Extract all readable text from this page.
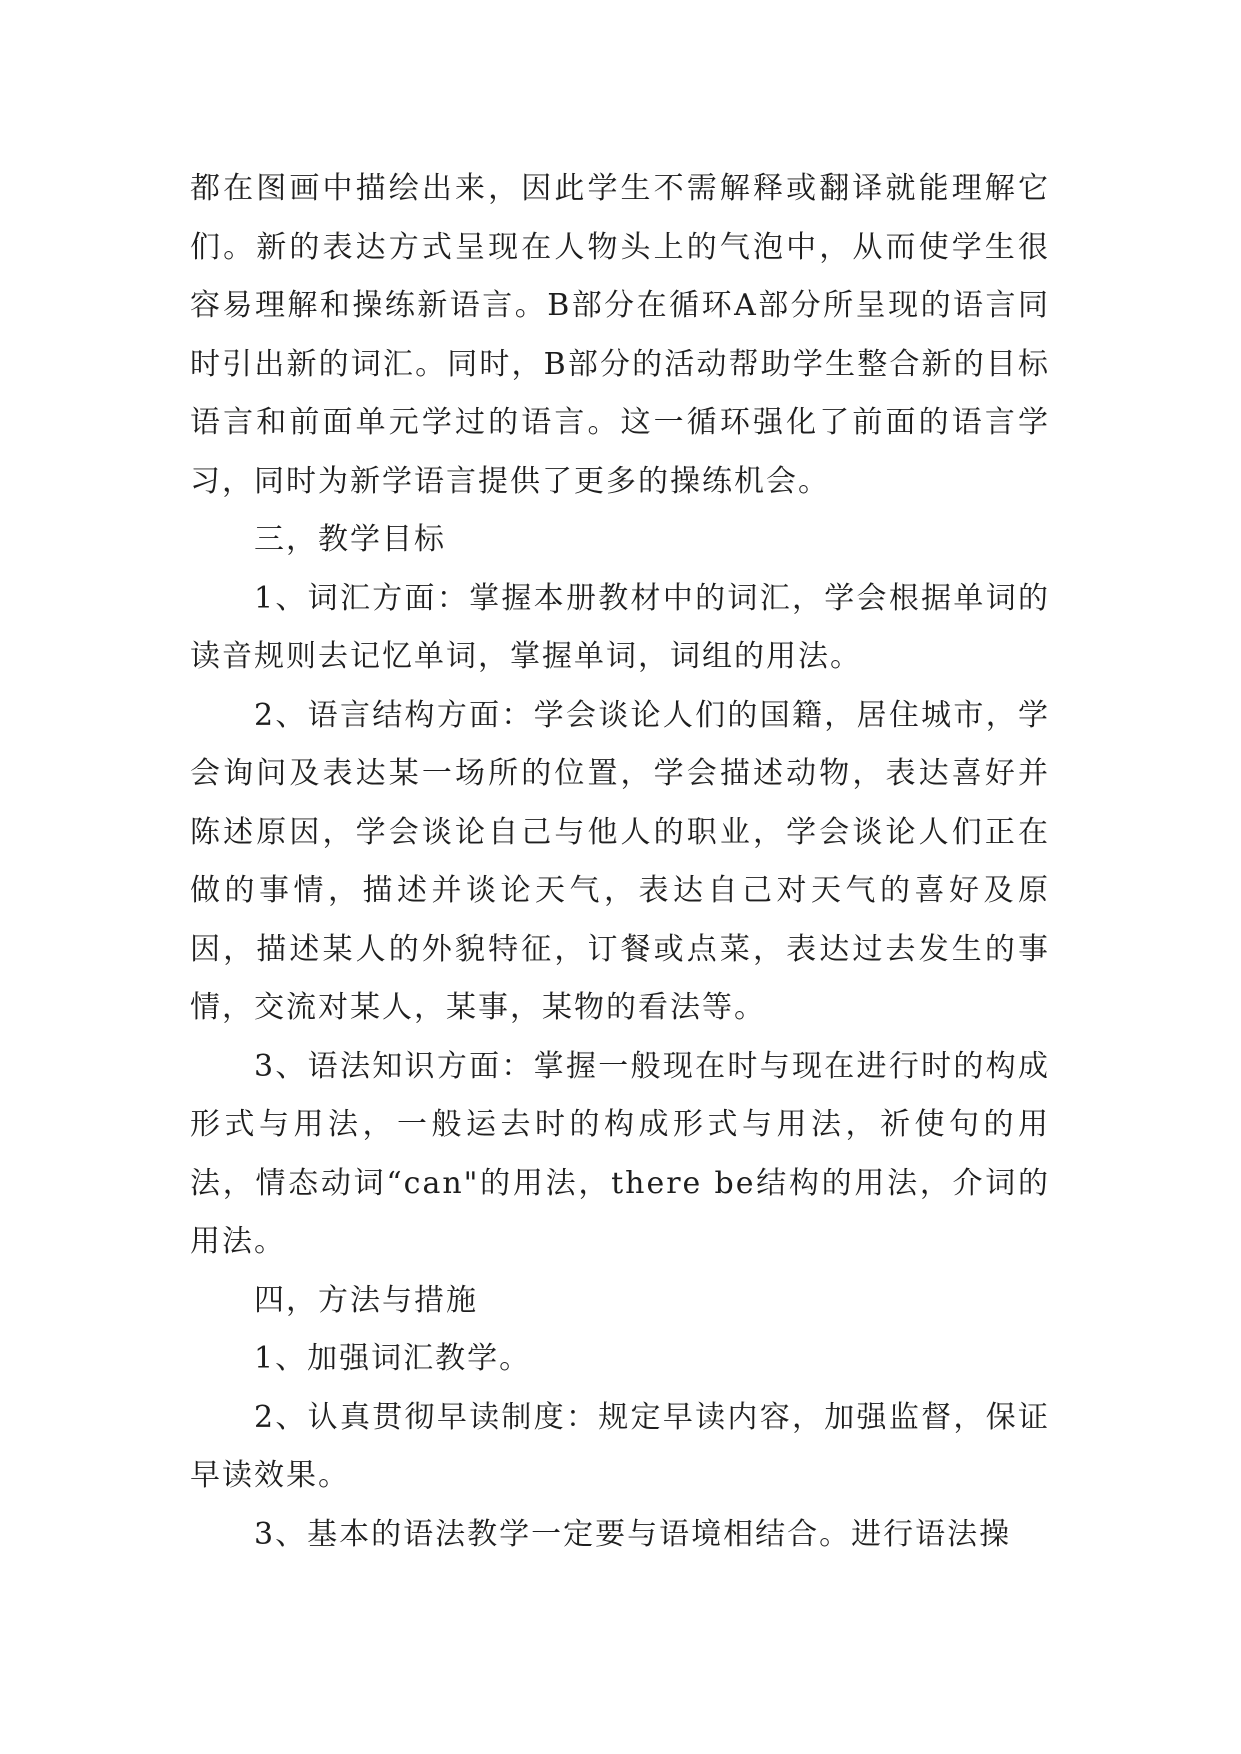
都在图画中描绘出来，因此学生不需解释或翻译就能理解它们。新的表达方式呈现在人物头上的气泡中，从而使学生很容易理解和操练新语言。B部分在循环A部分所呈现的语言同时引出新的词汇。同时，B部分的活动帮助学生整合新的目标语言和前面单元学过的语言。这一循环强化了前面的语言学习，同时为新学语言提供了更多的操练机会。

三，教学目标

1、词汇方面：掌握本册教材中的词汇，学会根据单词的读音规则去记忆单词，掌握单词，词组的用法。

2、语言结构方面：学会谈论人们的国籍，居住城市，学会询问及表达某一场所的位置，学会描述动物，表达喜好并陈述原因，学会谈论自己与他人的职业，学会谈论人们正在做的事情，描述并谈论天气，表达自己对天气的喜好及原因，描述某人的外貌特征，订餐或点菜，表达过去发生的事情，交流对某人，某事，某物的看法等。

3、语法知识方面：掌握一般现在时与现在进行时的构成形式与用法，一般运去时的构成形式与用法，祈使句的用法，情态动词“can"的用法，there be结构的用法，介词的用法。

四，方法与措施

1、加强词汇教学。

2、认真贯彻早读制度：规定早读内容，加强监督，保证早读效果。

3、基本的语法教学一定要与语境相结合。进行语法操
